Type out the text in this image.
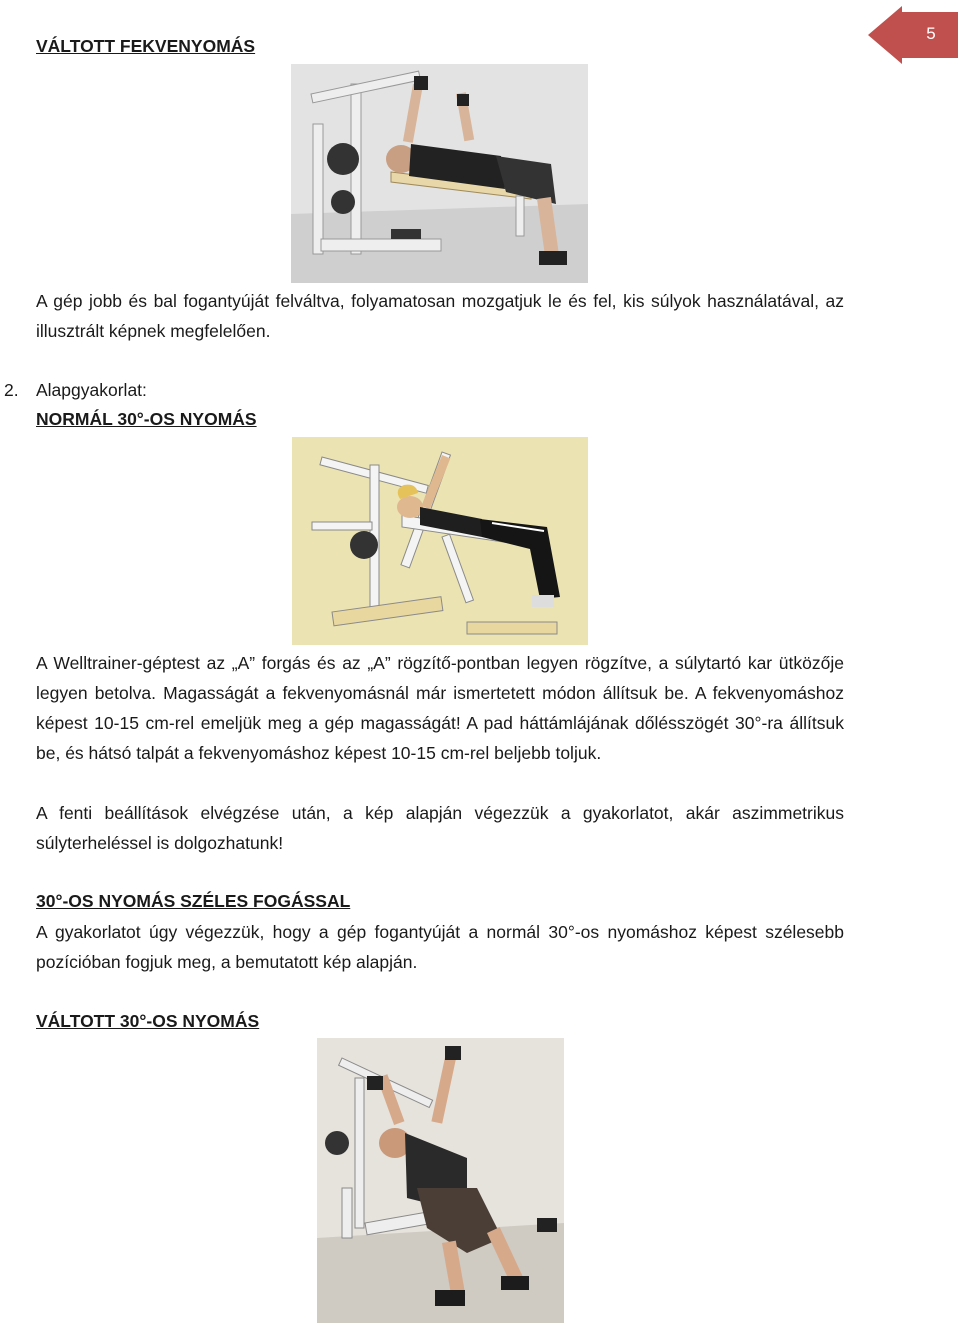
5
VÁLTOTT FEKVENYOMÁS

A gép jobb és bal fogantyúját felváltva, folyamatosan mozgatjuk le és fel, kis súlyok használatával, az illusztrált képnek megfelelően.

2. Alapgyakorlat:
NORMÁL 30°-OS NYOMÁS
A Welltrainer-géptest az „A” forgás és az „A” rögzítő-pontban legyen rögzítve, a súlytartó kar ütközője legyen betolva. Magasságát a fekvenyomásnál már ismertetett módon állítsuk be. A fekvenyomáshoz képest 10-15 cm-rel emeljük meg a gép magasságát! A pad háttámlájának dőlésszögét 30°-ra állítsuk be, és hátsó talpát a fekvenyomáshoz képest 10-15 cm-rel beljebb toljuk.
A fenti beállítások elvégzése után, a kép alapján végezzük a gyakorlatot, akár aszimmetrikus súlyterheléssel is dolgozhatunk!
30°-OS NYOMÁS SZÉLES FOGÁSSAL

A gyakorlatot úgy végezzük, hogy a gép fogantyúját a normál 30°-os nyomáshoz képest szélesebb pozícióban fogjuk meg, a bemutatott kép alapján.

VÁLTOTT 30°-OS NYOMÁS
